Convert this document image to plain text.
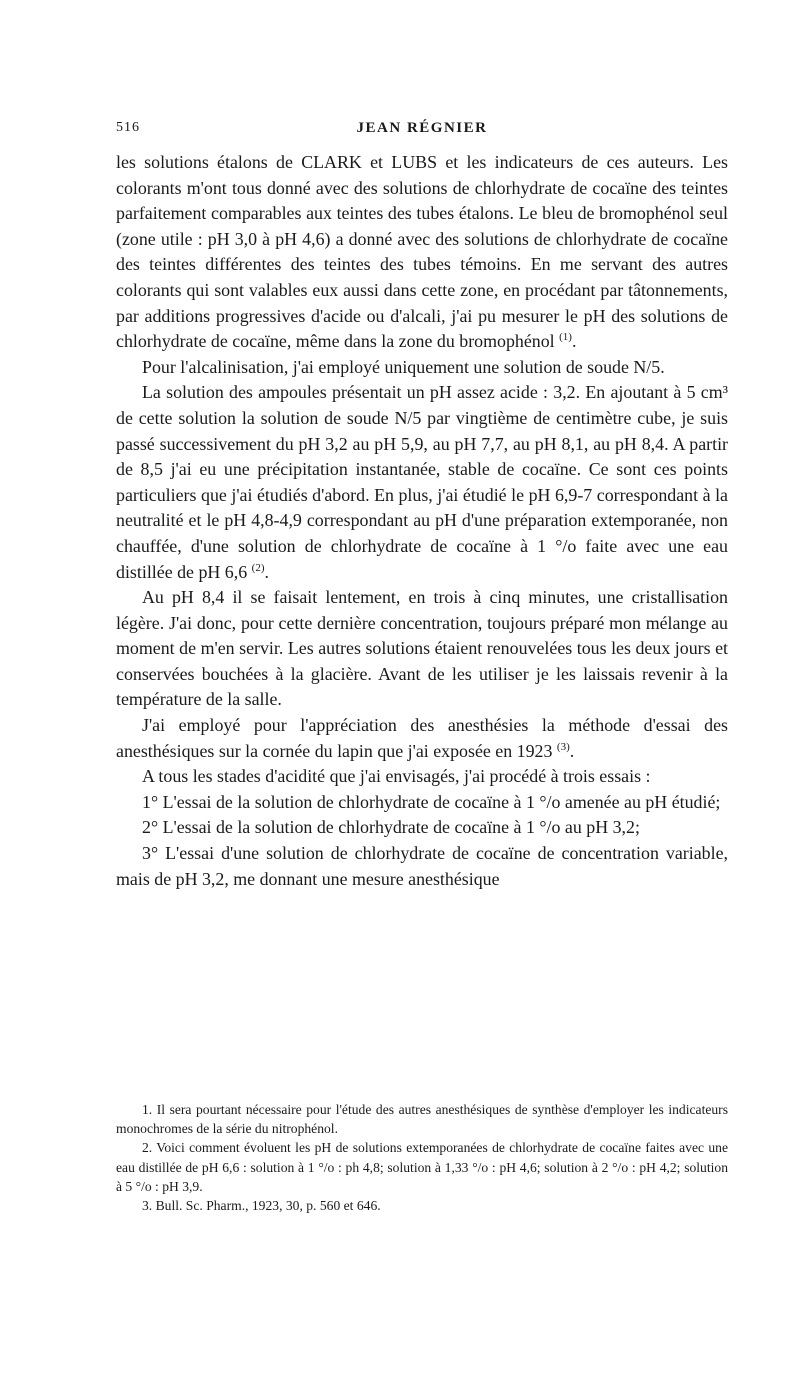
516	JEAN RÉGNIER

les solutions étalons de CLARK et LUBS et les indicateurs de ces auteurs. Les colorants m'ont tous donné avec des solutions de chlorhydrate de cocaïne des teintes parfaitement comparables aux teintes des tubes étalons. Le bleu de bromophénol seul (zone utile : pH 3,0 à pH 4,6) a donné avec des solutions de chlorhydrate de cocaïne des teintes différentes des teintes des tubes témoins. En me servant des autres colorants qui sont valables eux aussi dans cette zone, en procédant par tâtonnements, par additions progressives d'acide ou d'alcali, j'ai pu mesurer le pH des solutions de chlorhydrate de cocaïne, même dans la zone du bromophénol $^{(1)}$.

Pour l'alcalinisation, j'ai employé uniquement une solution de soude N/5.

La solution des ampoules présentait un pH assez acide : 3,2. En ajoutant à 5 cm³ de cette solution la solution de soude N/5 par vingtième de centimètre cube, je suis passé successivement du pH 3,2 au pH 5,9, au pH 7,7, au pH 8,1, au pH 8,4. A partir de 8,5 j'ai eu une précipitation instantanée, stable de cocaïne. Ce sont ces points particuliers que j'ai étudiés d'abord. En plus, j'ai étudié le pH 6,9-7 correspondant à la neutralité et le pH 4,8-4,9 correspondant au pH d'une préparation extemporanée, non chauffée, d'une solution de chlorhydrate de cocaïne à 1 °/o faite avec une eau distillée de pH 6,6 $^{(2)}$.

Au pH 8,4 il se faisait lentement, en trois à cinq minutes, une cristallisation légère. J'ai donc, pour cette dernière concentration, toujours préparé mon mélange au moment de m'en servir. Les autres solutions étaient renouvelées tous les deux jours et conservées bouchées à la glacière. Avant de les utiliser je les laissais revenir à la température de la salle.

J'ai employé pour l'appréciation des anesthésies la méthode d'essai des anesthésiques sur la cornée du lapin que j'ai exposée en 1923 $^{(3)}$.

A tous les stades d'acidité que j'ai envisagés, j'ai procédé à trois essais :

1° L'essai de la solution de chlorhydrate de cocaïne à 1 °/o amenée au pH étudié;

2° L'essai de la solution de chlorhydrate de cocaïne à 1 °/o au pH 3,2;

3° L'essai d'une solution de chlorhydrate de cocaïne de concentration variable, mais de pH 3,2, me donnant une mesure anesthésique

1. Il sera pourtant nécessaire pour l'étude des autres anesthésiques de synthèse d'employer les indicateurs monochromes de la série du nitrophénol.

2. Voici comment évoluent les pH de solutions extemporanées de chlorhydrate de cocaïne faites avec une eau distillée de pH 6,6 : solution à 1 °/o : ph 4,8; solution à 1,33 °/o : pH 4,6; solution à 2 °/o : pH 4,2; solution à 5 °/o : pH 3,9.

3. Bull. Sc. Pharm., 1923, 30, p. 560 et 646.
